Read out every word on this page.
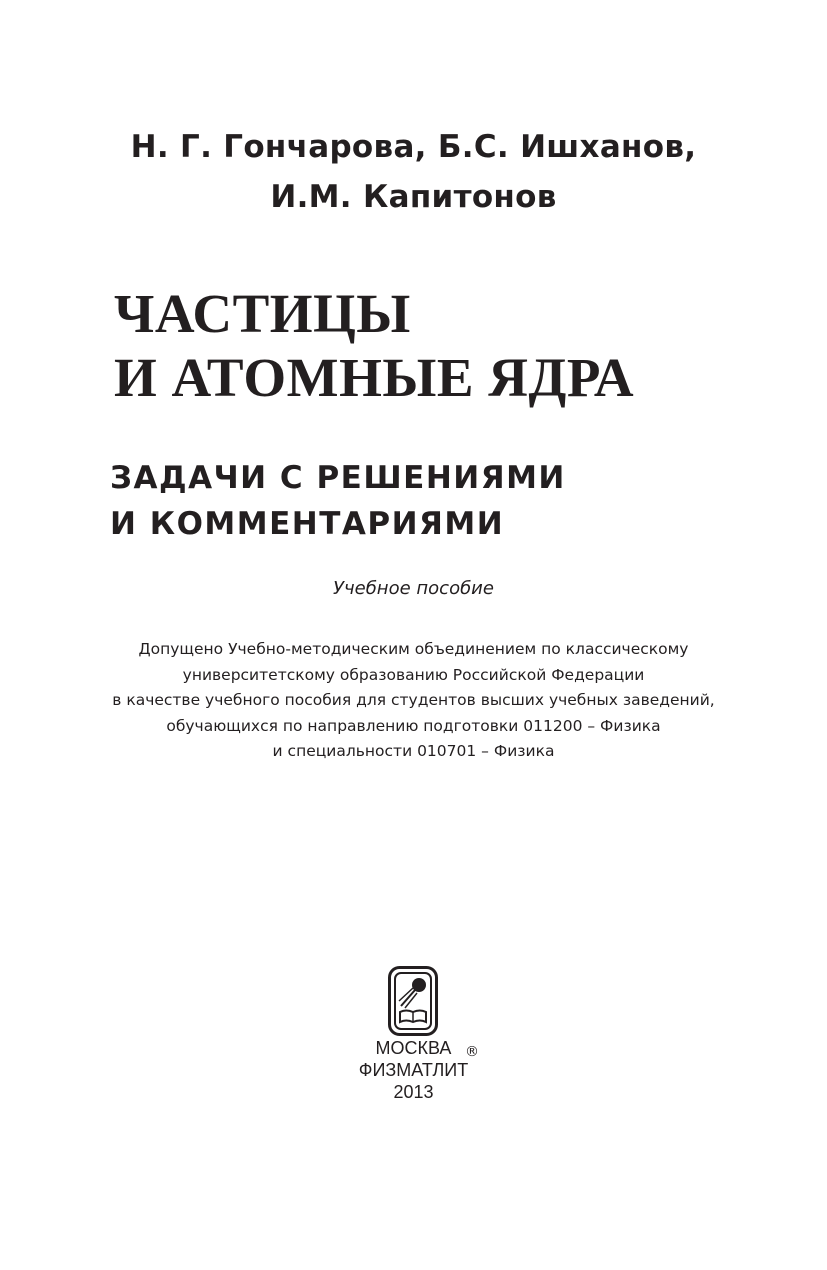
Н. Г. Гончарова, Б.С. Ишханов,
И.М. Капитонов
ЧАСТИЦЫ
И АТОМНЫЕ ЯДРА
ЗАДАЧИ С РЕШЕНИЯМИ
И КОММЕНТАРИЯМИ
Учебное пособие
Допущено Учебно-методическим объединением по классическому
университетскому образованию Российской Федерации
в качестве учебного пособия для студентов высших учебных заведений,
обучающихся по направлению подготовки 011200 – Физика
и специальности 010701 – Физика
МОСКВА
ФИЗМАТЛИТ
2013
®
